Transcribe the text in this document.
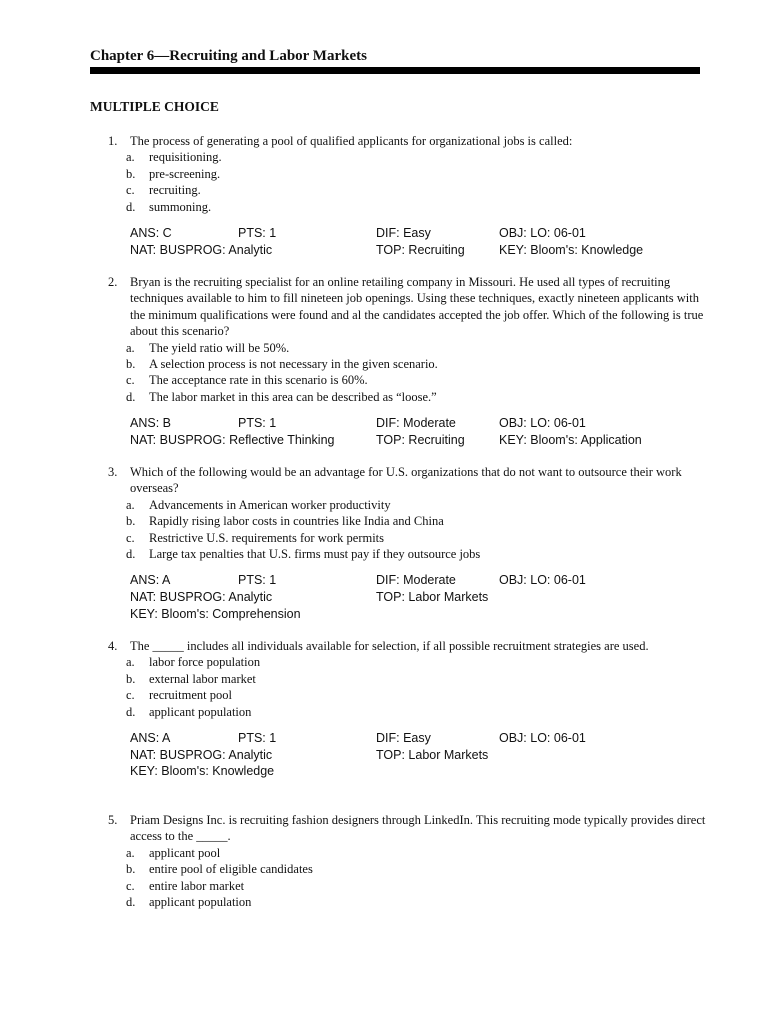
Chapter 6—Recruiting and Labor Markets
MULTIPLE CHOICE
1. The process of generating a pool of qualified applicants for organizational jobs is called:
a. requisitioning.
b. pre-screening.
c. recruiting.
d. summoning.
ANS: C	PTS: 1	DIF: Easy	OBJ: LO: 06-01
NAT: BUSPROG: Analytic	TOP: Recruiting	KEY: Bloom's: Knowledge
2. Bryan is the recruiting specialist for an online retailing company in Missouri. He used all types of recruiting techniques available to him to fill nineteen job openings. Using these techniques, exactly nineteen applicants with the minimum qualifications were found and al the candidates accepted the job offer. Which of the following is true about this scenario?
a. The yield ratio will be 50%.
b. A selection process is not necessary in the given scenario.
c. The acceptance rate in this scenario is 60%.
d. The labor market in this area can be described as “loose.”
ANS: B	PTS: 1	DIF: Moderate	OBJ: LO: 06-01
NAT: BUSPROG: Reflective Thinking	TOP: Recruiting	KEY: Bloom's: Application
3. Which of the following would be an advantage for U.S. organizations that do not want to outsource their work overseas?
a. Advancements in American worker productivity
b. Rapidly rising labor costs in countries like India and China
c. Restrictive U.S. requirements for work permits
d. Large tax penalties that U.S. firms must pay if they outsource jobs
ANS: A	PTS: 1	DIF: Moderate	OBJ: LO: 06-01
NAT: BUSPROG: Analytic	TOP: Labor Markets
KEY: Bloom's: Comprehension
4. The _____ includes all individuals available for selection, if all possible recruitment strategies are used.
a. labor force population
b. external labor market
c. recruitment pool
d. applicant population
ANS: A	PTS: 1	DIF: Easy	OBJ: LO: 06-01
NAT: BUSPROG: Analytic	TOP: Labor Markets
KEY: Bloom's: Knowledge
5. Priam Designs Inc. is recruiting fashion designers through LinkedIn. This recruiting mode typically provides direct access to the _____.
a. applicant pool
b. entire pool of eligible candidates
c. entire labor market
d. applicant population
